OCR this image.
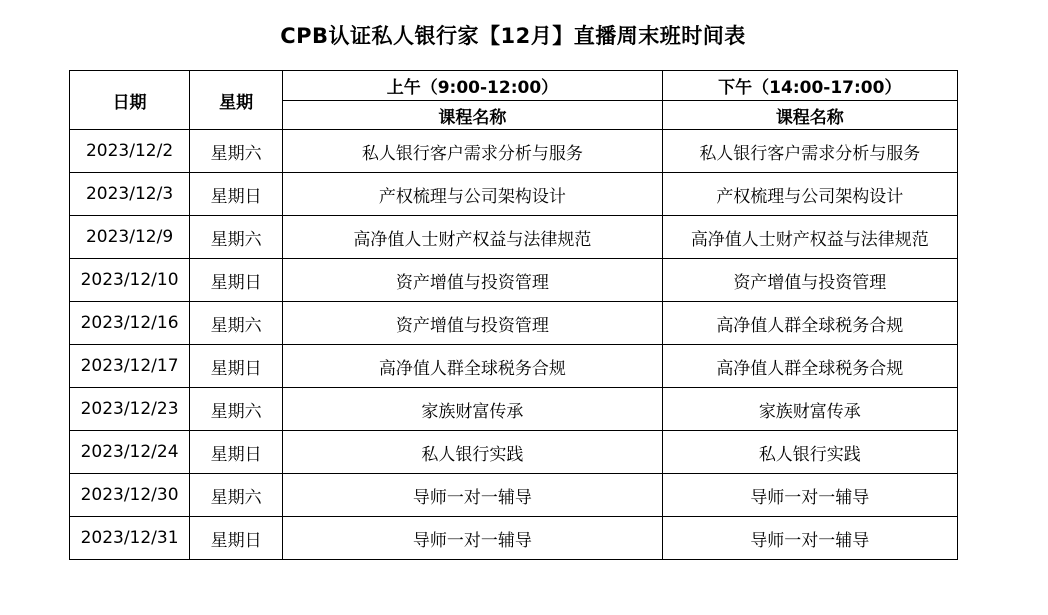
CPB认证私人银行家【12月】直播周末班时间表
日期	星期	上午（9:00-12:00）	下午（14:00-17:00）
		课程名称	课程名称
2023/12/2	星期六	私人银行客户需求分析与服务	私人银行客户需求分析与服务
2023/12/3	星期日	产权梳理与公司架构设计	产权梳理与公司架构设计
2023/12/9	星期六	高净值人士财产权益与法律规范	高净值人士财产权益与法律规范
2023/12/10	星期日	资产增值与投资管理	资产增值与投资管理
2023/12/16	星期六	资产增值与投资管理	高净值人群全球税务合规
2023/12/17	星期日	高净值人群全球税务合规	高净值人群全球税务合规
2023/12/23	星期六	家族财富传承	家族财富传承
2023/12/24	星期日	私人银行实践	私人银行实践
2023/12/30	星期六	导师一对一辅导	导师一对一辅导
2023/12/31	星期日	导师一对一辅导	导师一对一辅导
